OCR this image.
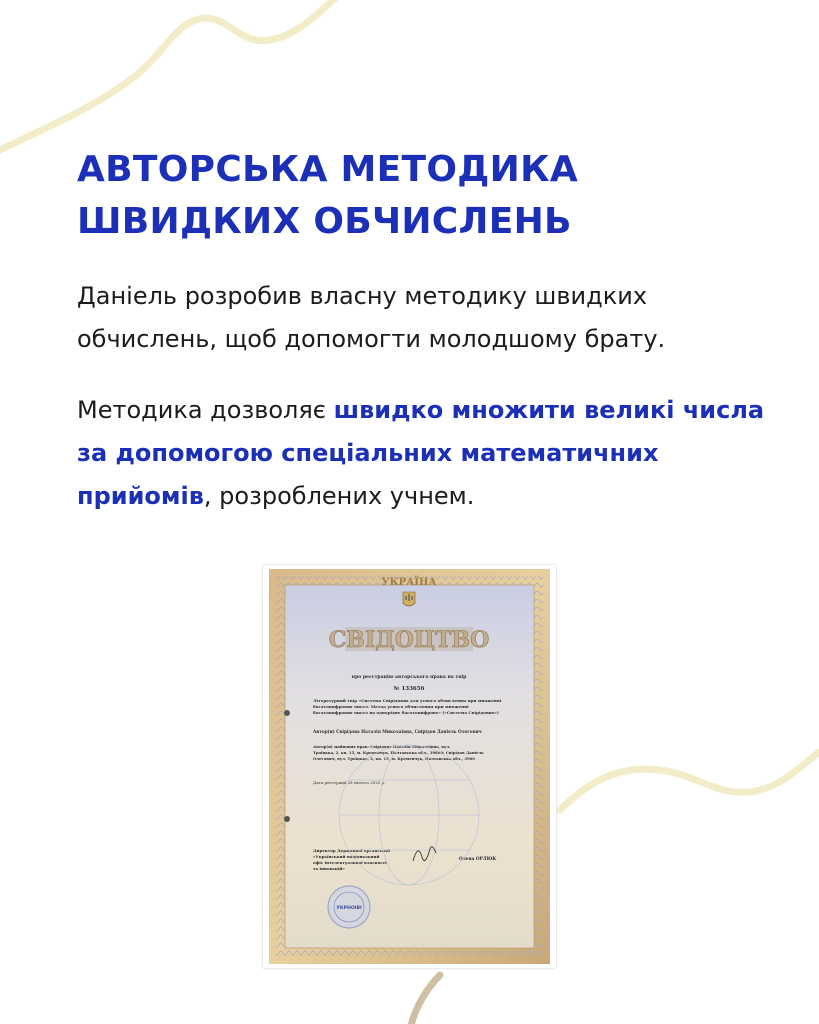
АВТОРСЬКА МЕТОДИКА
ШВИДКИХ ОБЧИСЛЕНЬ

Даніель розробив власну методику швидких
обчислень, щоб допомогти молодшому брату.

Методика дозволяє швидко множити великі числа за допомогою спеціальних математичних прийомів, розроблених учнем.

УКРАЇНА
СВІДОЦТВО
про реєстрацію авторського права на твір
№ 133656
Літературний твір «Система Свірідових для усного обчислення при множенні
багатоцифрових чисел. Метод усного обчислення при множенні
багатоцифрових чисел на однорідне багатоцифрове» («Система Свірідових»)
Автор(и) Свірідова Наталія Миколаївна, Свірідов Даніель Олегович
Автор(и) майнових прав: Свірідова Наталія Миколаївна, вул.
Троїцька, 2, кв. 15, м. Кременчук, Полтавська обл., 39600; Свірідов Даніель
Олегович, вул. Троїцька, 2, кв. 15, м. Кременчук, Полтавська обл., 3960
Дата реєстрації 28 лютого 2025 р.
Директор Державної організації
«Український національний
офіс інтелектуальної власності
та інновацій»
Олена ОРЛЮК
УКРНОІВІ
